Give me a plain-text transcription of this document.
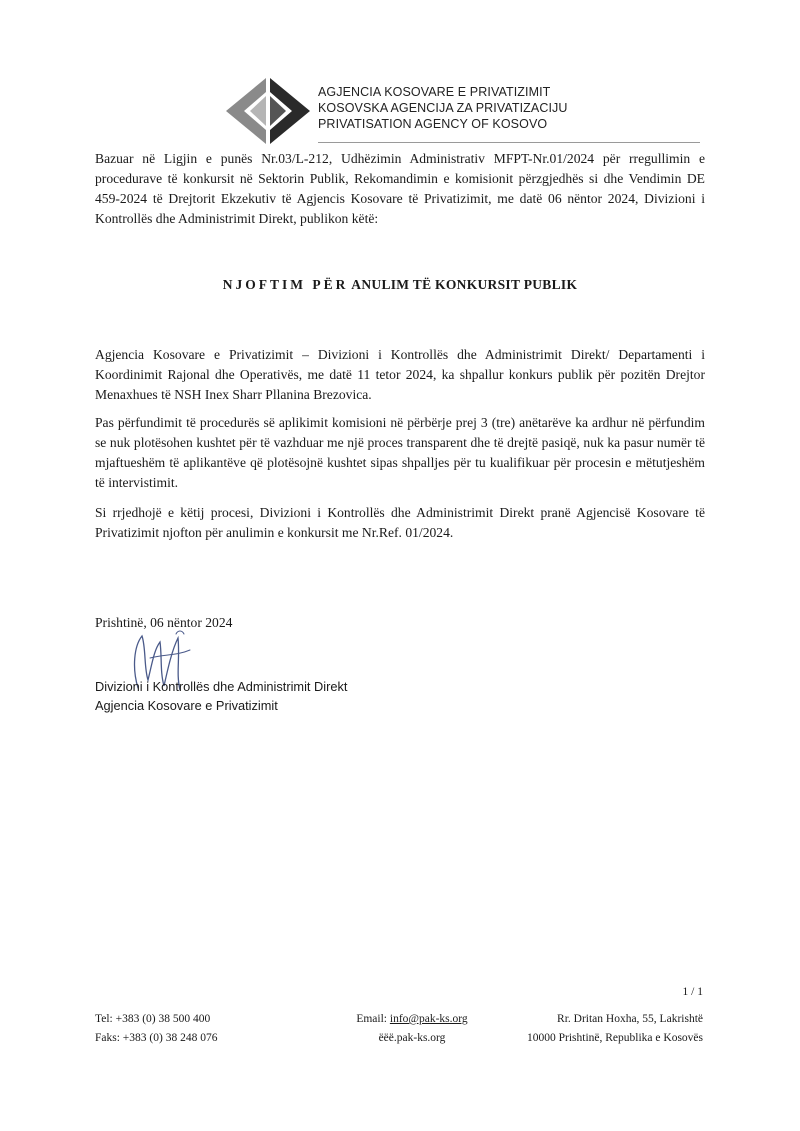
AGJENCIA KOSOVARE E PRIVATIZIMIT
KOSOVSKA AGENCIJA ZA PRIVATIZACIJU
PRIVATISATION AGENCY OF KOSOVO
Bazuar në Ligjin e punës Nr.03/L-212, Udhëzimin Administrativ MFPT-Nr.01/2024 për rregullimin e procedurave të konkursit në Sektorin Publik, Rekomandimin e komisionit përzgjedhës si dhe Vendimin DE 459-2024 të Drejtorit Ekzekutiv të Agjencis Kosovare të Privatizimit, me datë 06 nëntor 2024, Divizioni i Kontrollës dhe Administrimit Direkt, publikon këtë:
NJOFTIM PËR ANULIM TË KONKURSIT PUBLIK
Agjencia Kosovare e Privatizimit – Divizioni i Kontrollës dhe Administrimit Direkt/ Departamenti i Koordinimit Rajonal dhe Operativës, me datë 11 tetor 2024, ka shpallur konkurs publik për pozitën Drejtor Menaxhues të NSH Inex Sharr Pllanina Brezovica.
Pas përfundimit të procedurës së aplikimit komisioni në përbërje prej 3 (tre) anëtarëve ka ardhur në përfundim se nuk plotësohen kushtet për të vazhduar me një proces transparent dhe të drejtë pasiqë, nuk ka pasur numër të mjaftueshëm të aplikantëve që plotësojnë kushtet sipas shpalljes për tu kualifikuar për procesin e mëtutjeshëm të intervistimit.
Si rrjedhojë e këtij procesi, Divizioni i Kontrollës dhe Administrimit Direkt pranë Agjencisë Kosovare të Privatizimit njofton për anulimin e konkursit me Nr.Ref. 01/2024.
Prishtinë, 06 nëntor 2024
Divizioni i Kontrollës dhe Administrimit Direkt
Agjencia Kosovare e Privatizimit
1 / 1
Tel: +383 (0) 38 500 400
Faks: +383 (0) 38 248 076
Email: info@pak-ks.org
ëëë.pak-ks.org
Rr. Dritan Hoxha, 55, Lakrishtë
10000 Prishtinë, Republika e Kosovës
